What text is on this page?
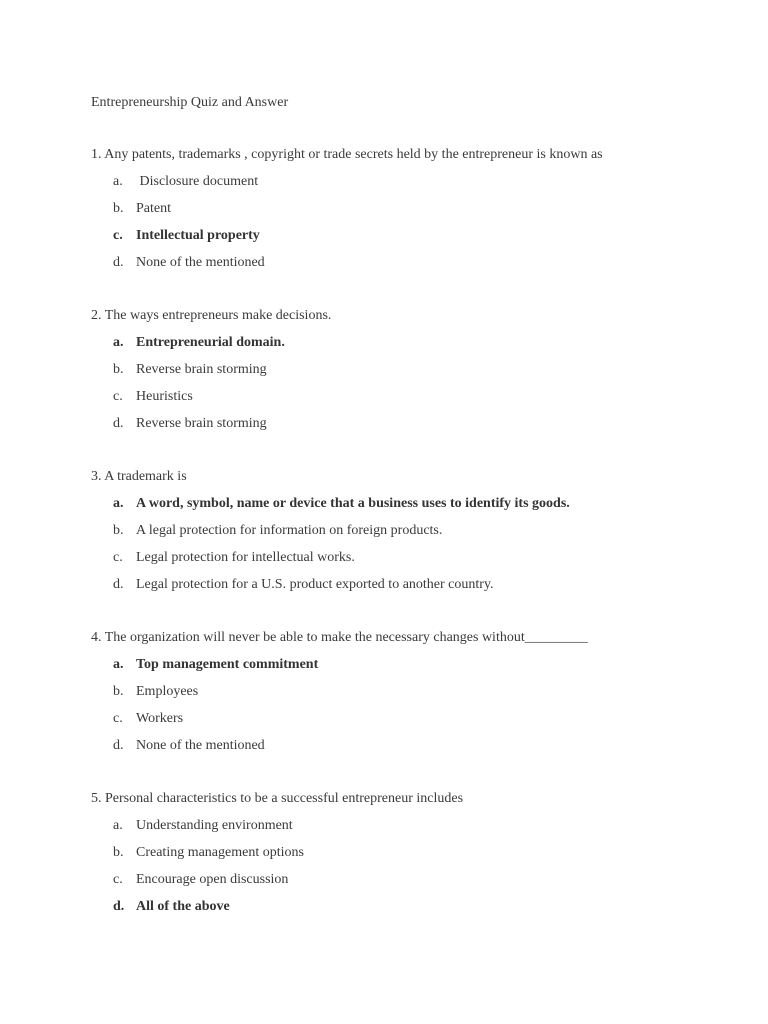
Entrepreneurship Quiz and Answer
1. Any patents, trademarks , copyright or trade secrets held by the entrepreneur is known as
a. Disclosure document
b. Patent
c. Intellectual property
d. None of the mentioned
2. The ways entrepreneurs make decisions.
a. Entrepreneurial domain.
b. Reverse brain storming
c. Heuristics
d. Reverse brain storming
3. A trademark is
a. A word, symbol, name or device that a business uses to identify its goods.
b. A legal protection for information on foreign products.
c. Legal protection for intellectual works.
d. Legal protection for a U.S. product exported to another country.
4. The organization will never be able to make the necessary changes without_________
a. Top management commitment
b. Employees
c. Workers
d. None of the mentioned
5. Personal characteristics to be a successful entrepreneur includes
a. Understanding environment
b. Creating management options
c. Encourage open discussion
d. All of the above
